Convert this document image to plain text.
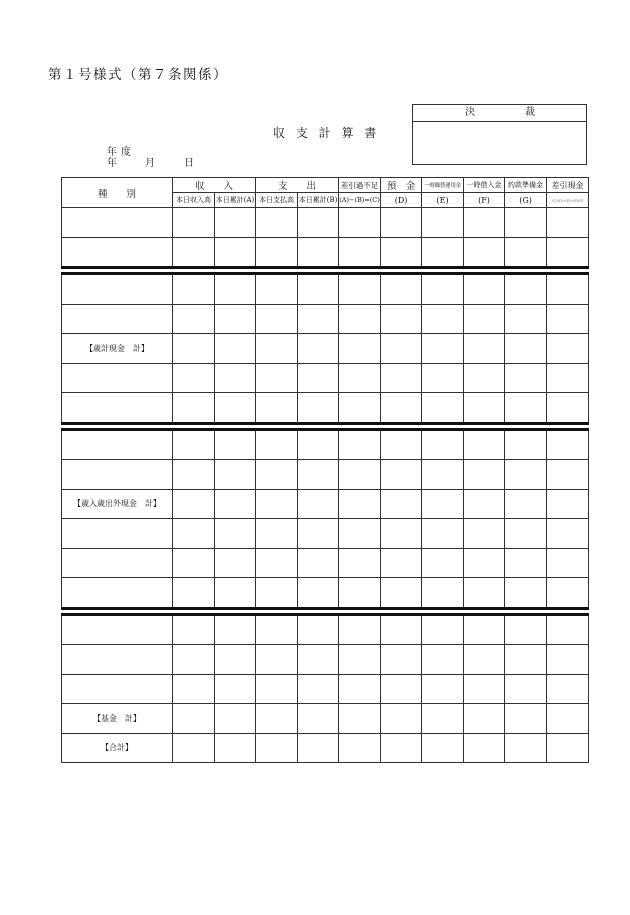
第１号様式（第７条関係）
決	裁
収 支 計 算 書
年 度
年	月	日
種　　別	収　　入		支　　出		差引過不足	預　金	一時繰替運用金	一時借入金	約款準備金	差引現金
	本日収入高	本日累計(A)	本日支払高	本日累計(B)	(A)−(B)=(C)	(D)	(E)	(F)	(G)	(C)-(D)+(E)+(F)-(G)

【歳計現金　計】										

【歳入歳出外現金　計】										

【基金　計】										
【合計】										
